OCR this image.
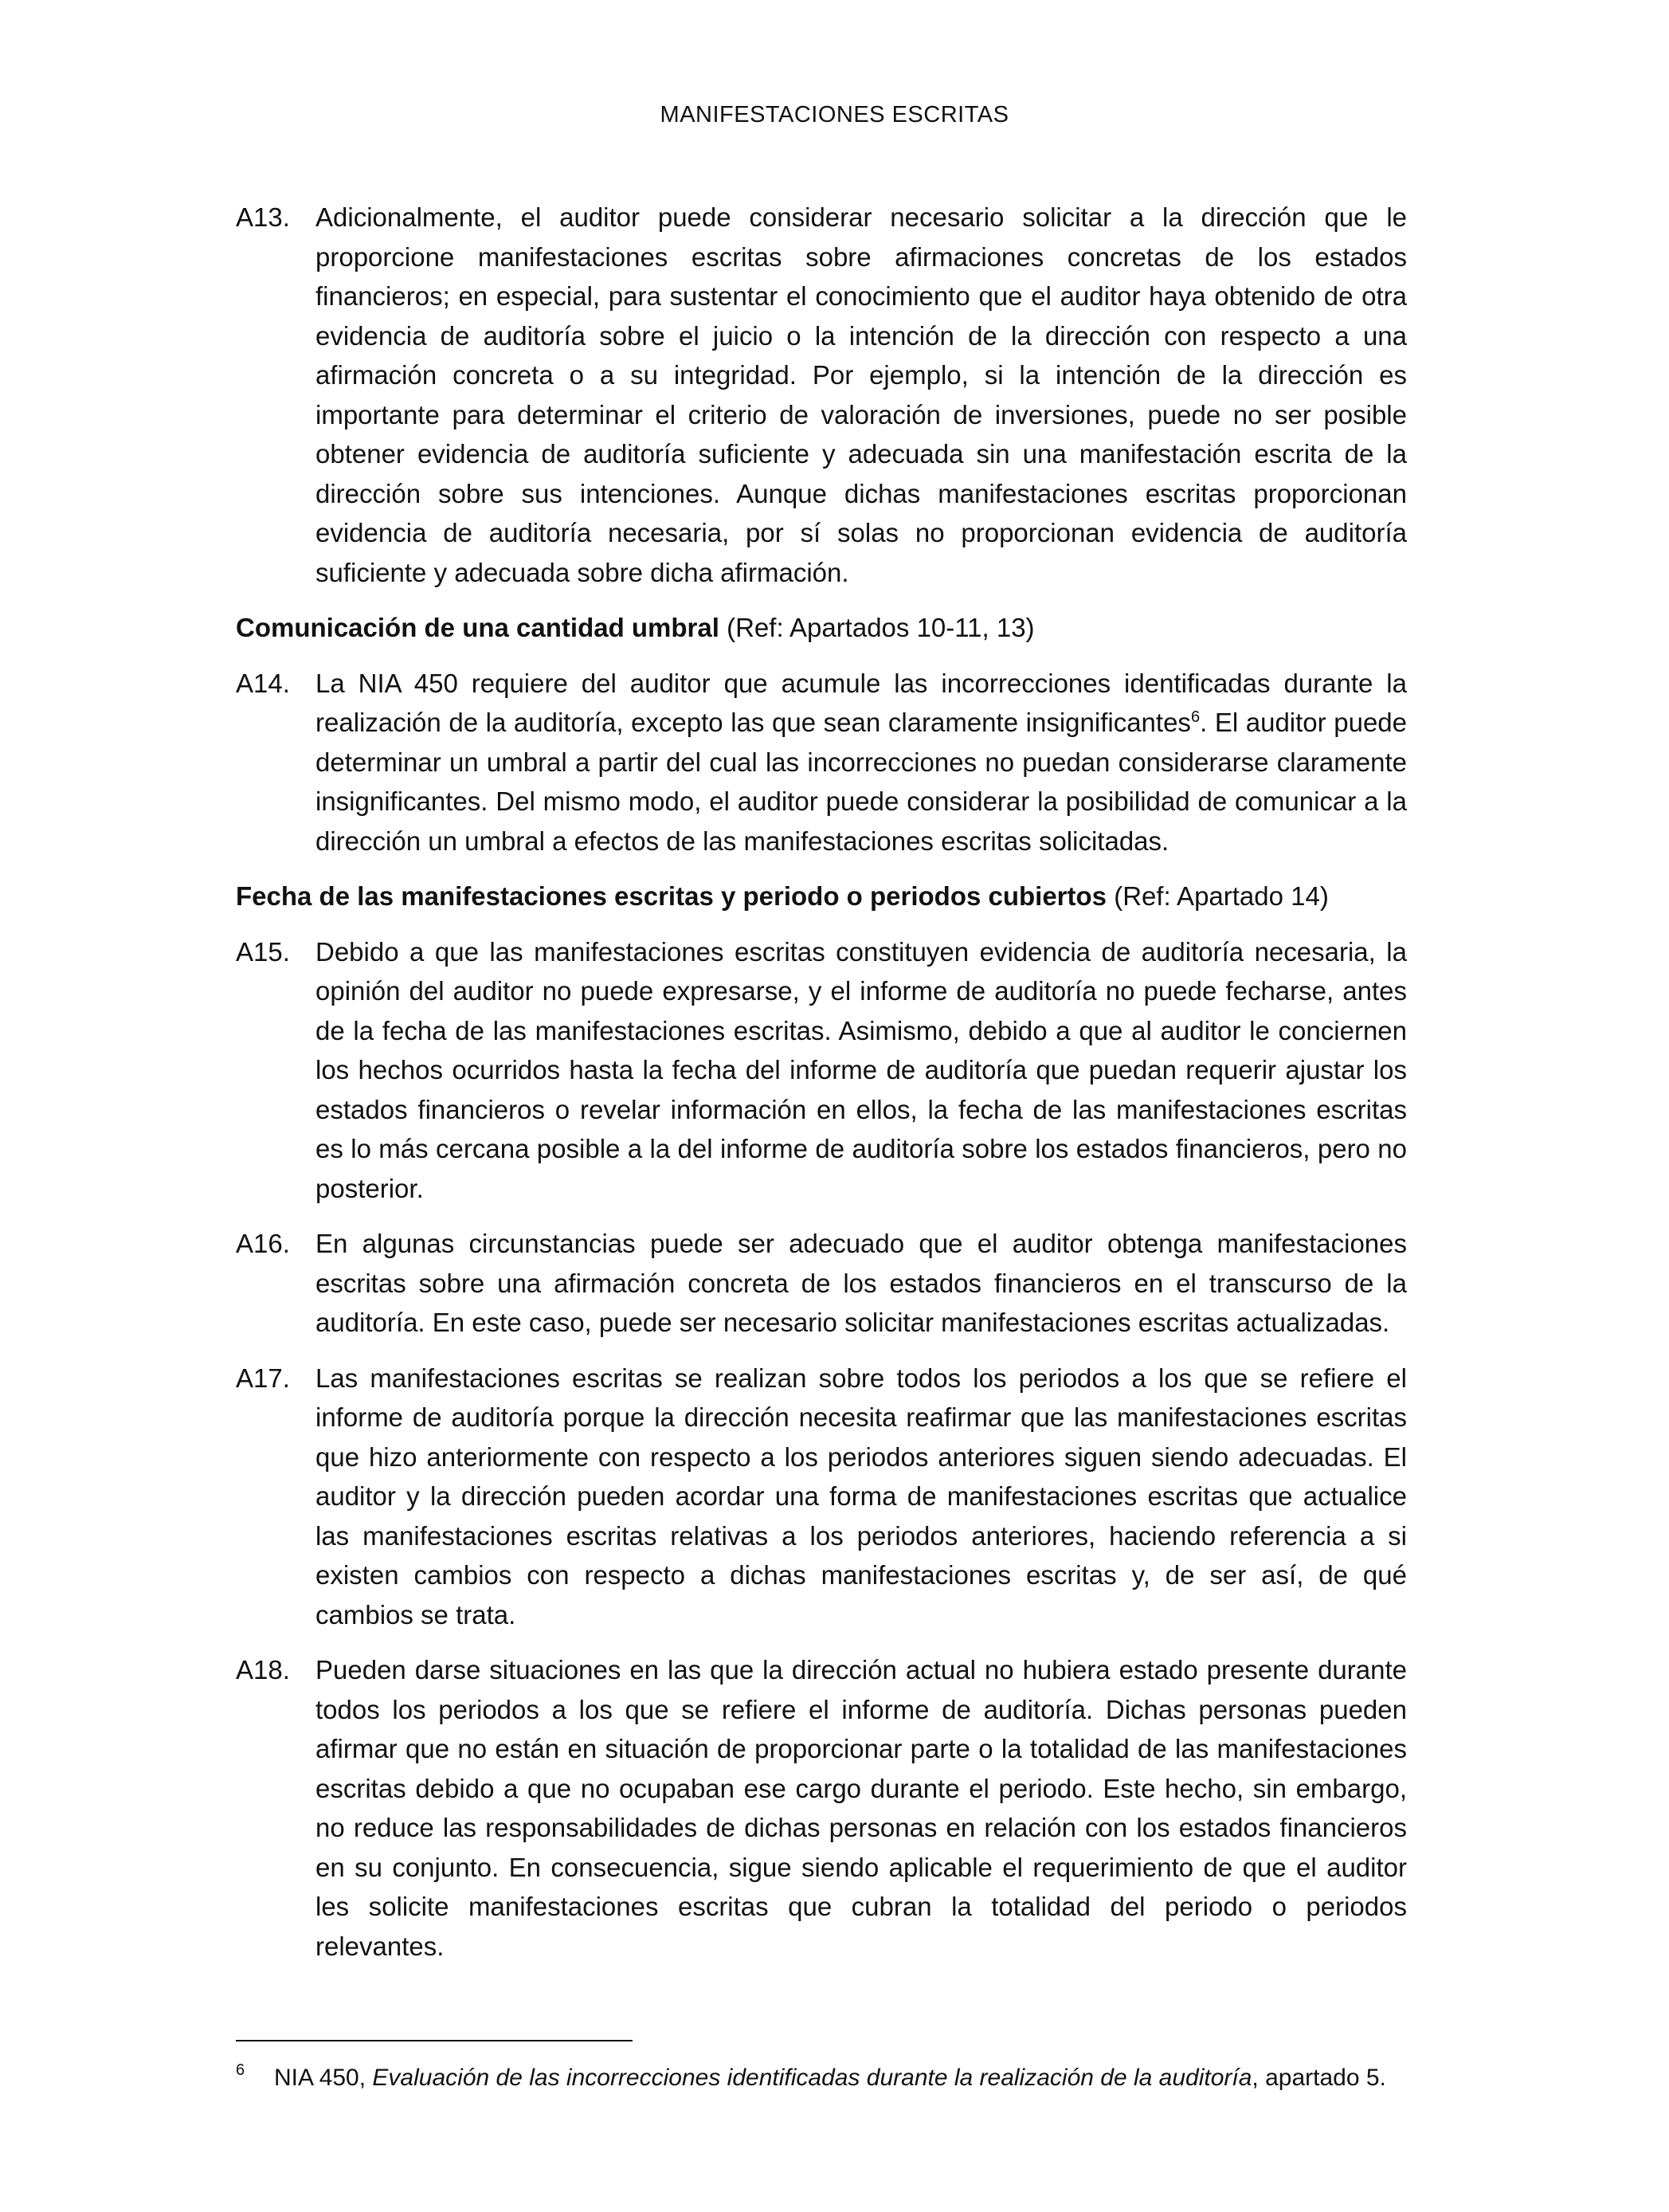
MANIFESTACIONES ESCRITAS
A13. Adicionalmente, el auditor puede considerar necesario solicitar a la dirección que le proporcione manifestaciones escritas sobre afirmaciones concretas de los estados financieros; en especial, para sustentar el conocimiento que el auditor haya obtenido de otra evidencia de auditoría sobre el juicio o la intención de la dirección con respecto a una afirmación concreta o a su integridad. Por ejemplo, si la intención de la dirección es importante para determinar el criterio de valoración de inversiones, puede no ser posible obtener evidencia de auditoría suficiente y adecuada sin una manifestación escrita de la dirección sobre sus intenciones. Aunque dichas manifestaciones escritas proporcionan evidencia de auditoría necesaria, por sí solas no proporcionan evidencia de auditoría suficiente y adecuada sobre dicha afirmación.
Comunicación de una cantidad umbral (Ref: Apartados 10-11, 13)
A14. La NIA 450 requiere del auditor que acumule las incorrecciones identificadas durante la realización de la auditoría, excepto las que sean claramente insignificantes$^6$. El auditor puede determinar un umbral a partir del cual las incorrecciones no puedan considerarse claramente insignificantes. Del mismo modo, el auditor puede considerar la posibilidad de comunicar a la dirección un umbral a efectos de las manifestaciones escritas solicitadas.
Fecha de las manifestaciones escritas y periodo o periodos cubiertos (Ref: Apartado 14)
A15. Debido a que las manifestaciones escritas constituyen evidencia de auditoría necesaria, la opinión del auditor no puede expresarse, y el informe de auditoría no puede fecharse, antes de la fecha de las manifestaciones escritas. Asimismo, debido a que al auditor le conciernen los hechos ocurridos hasta la fecha del informe de auditoría que puedan requerir ajustar los estados financieros o revelar información en ellos, la fecha de las manifestaciones escritas es lo más cercana posible a la del informe de auditoría sobre los estados financieros, pero no posterior.
A16. En algunas circunstancias puede ser adecuado que el auditor obtenga manifestaciones escritas sobre una afirmación concreta de los estados financieros en el transcurso de la auditoría. En este caso, puede ser necesario solicitar manifestaciones escritas actualizadas.
A17. Las manifestaciones escritas se realizan sobre todos los periodos a los que se refiere el informe de auditoría porque la dirección necesita reafirmar que las manifestaciones escritas que hizo anteriormente con respecto a los periodos anteriores siguen siendo adecuadas. El auditor y la dirección pueden acordar una forma de manifestaciones escritas que actualice las manifestaciones escritas relativas a los periodos anteriores, haciendo referencia a si existen cambios con respecto a dichas manifestaciones escritas y, de ser así, de qué cambios se trata.
A18. Pueden darse situaciones en las que la dirección actual no hubiera estado presente durante todos los periodos a los que se refiere el informe de auditoría. Dichas personas pueden afirmar que no están en situación de proporcionar parte o la totalidad de las manifestaciones escritas debido a que no ocupaban ese cargo durante el periodo. Este hecho, sin embargo, no reduce las responsabilidades de dichas personas en relación con los estados financieros en su conjunto. En consecuencia, sigue siendo aplicable el requerimiento de que el auditor les solicite manifestaciones escritas que cubran la totalidad del periodo o periodos relevantes.
6	NIA 450, Evaluación de las incorrecciones identificadas durante la realización de la auditoría, apartado 5.
